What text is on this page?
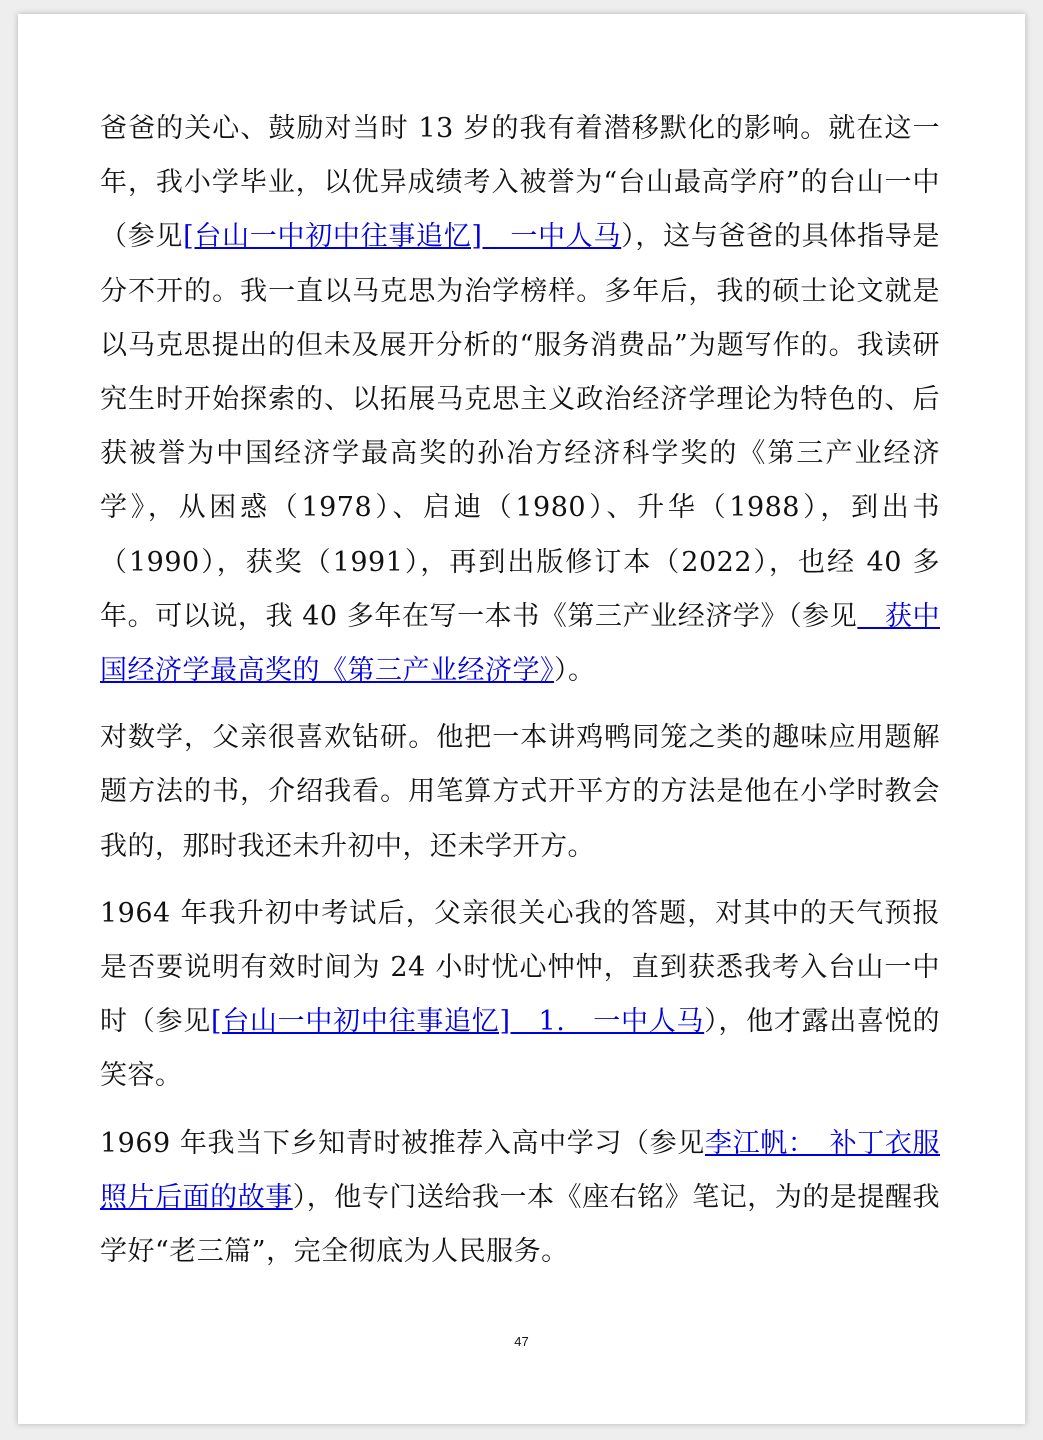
爸爸的关心、鼓励对当时 13 岁的我有着潜移默化的影响。就在这一年，我小学毕业，以优异成绩考入被誉为“台山最高学府”的台山一中（参见[台山一中初中往事追忆]　一中人马），这与爸爸的具体指导是分不开的。我一直以马克思为治学榜样。多年后，我的硕士论文就是以马克思提出的但未及展开分析的“服务消费品”为题写作的。我读研究生时开始探索的、以拓展马克思主义政治经济学理论为特色的、后获被誉为中国经济学最高奖的孙冶方经济科学奖的《第三产业经济学》，从困惑（1978）、启迪（1980）、升华（1988），到出书（1990），获奖（1991），再到出版修订本（2022），也经 40 多年。可以说，我 40 多年在写一本书《第三产业经济学》（参见　获中国经济学最高奖的《第三产业经济学》）。

对数学，父亲很喜欢钻研。他把一本讲鸡鸭同笼之类的趣味应用题解题方法的书，介绍我看。用笔算方式开平方的方法是他在小学时教会我的，那时我还未升初中，还未学开方。

1964 年我升初中考试后，父亲很关心我的答题，对其中的天气预报是否要说明有效时间为 24 小时忧心忡忡，直到获悉我考入台山一中时（参见[台山一中初中往事追忆]　1.　一中人马），他才露出喜悦的笑容。

1969 年我当下乡知青时被推荐入高中学习（参见李江帆：　补丁衣服照片后面的故事），他专门送给我一本《座右铭》笔记，为的是提醒我学好“老三篇”，完全彻底为人民服务。

47
